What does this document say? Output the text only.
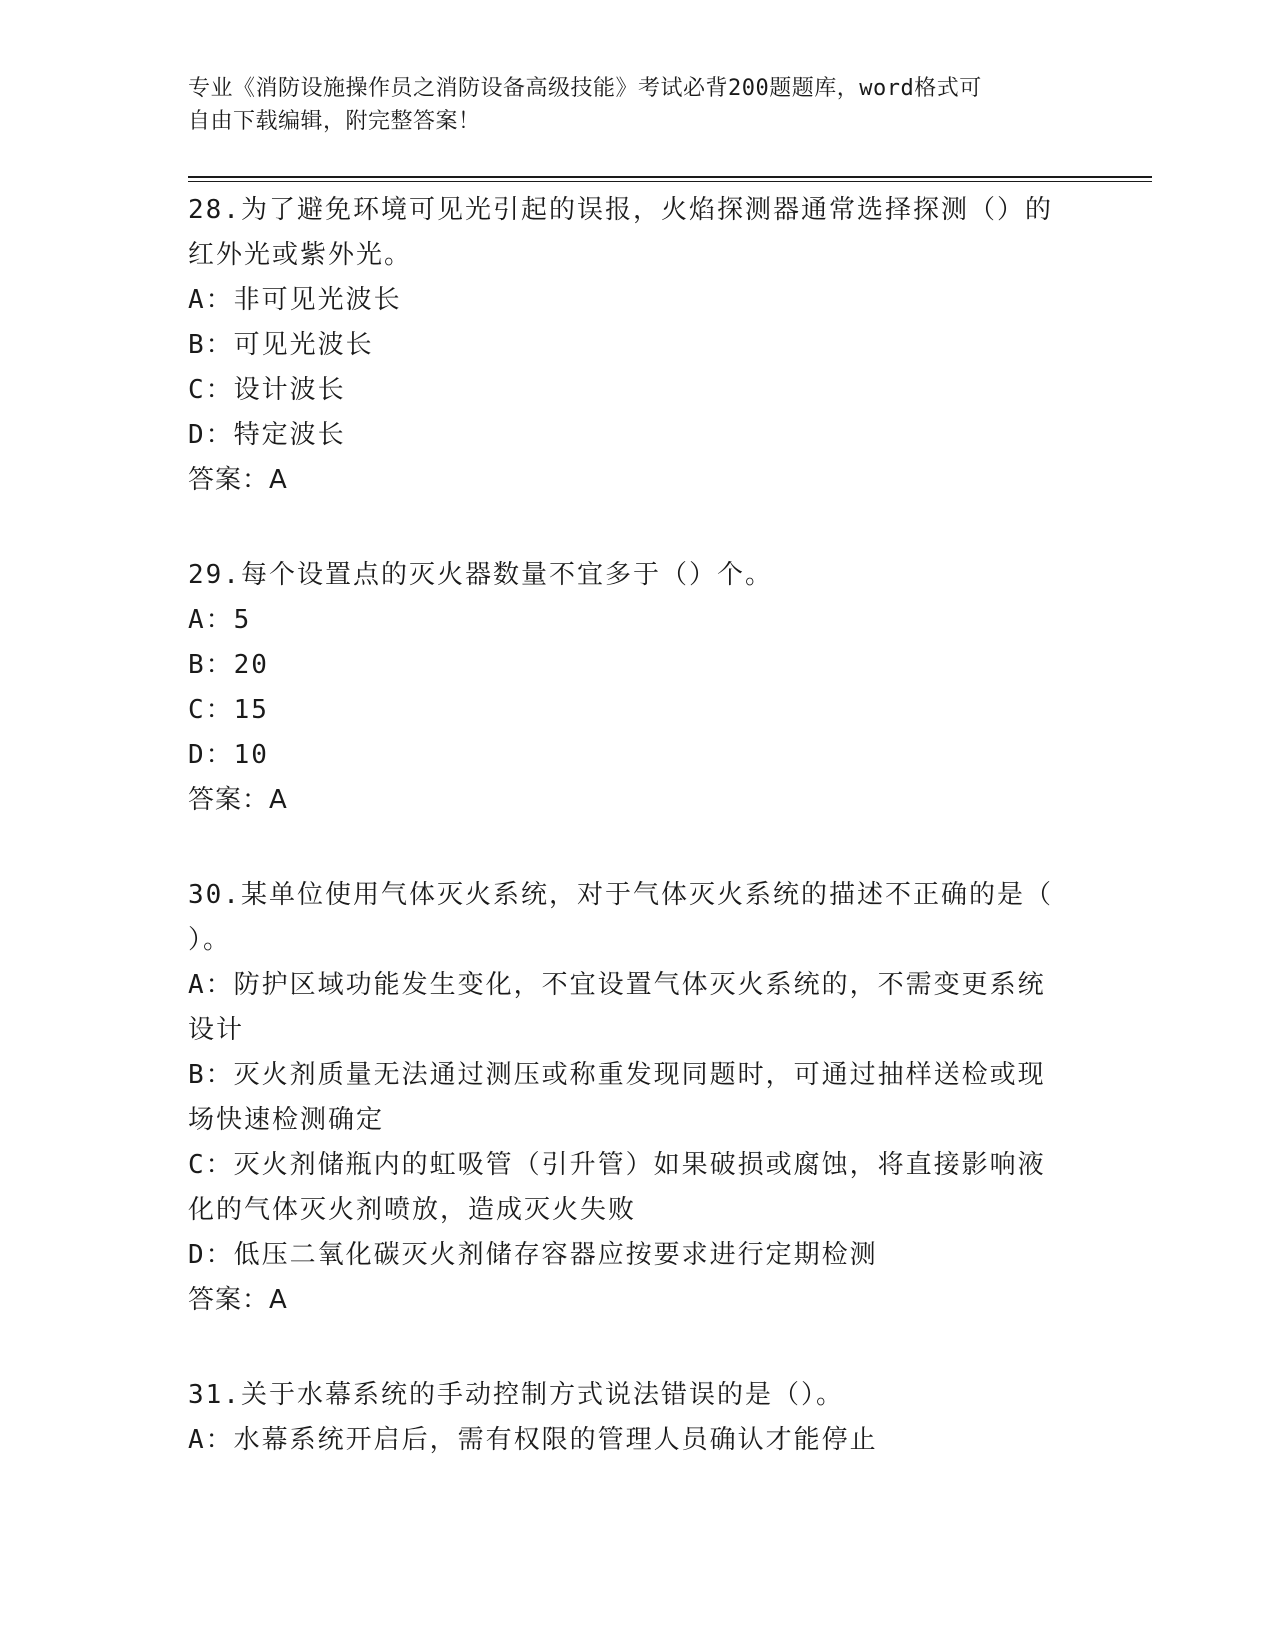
专业《消防设施操作员之消防设备高级技能》考试必背200题题库，word格式可
自由下载编辑，附完整答案！
28.为了避免环境可见光引起的误报，火焰探测器通常选择探测（）的
红外光或紫外光。
A：非可见光波长
B：可见光波长
C：设计波长
D：特定波长
答案：A
29.每个设置点的灭火器数量不宜多于（）个。
A：5
B：20
C：15
D：10
答案：A
30.某单位使用气体灭火系统，对于气体灭火系统的描述不正确的是（
）。
A：防护区域功能发生变化，不宜设置气体灭火系统的，不需变更系统
设计
B：灭火剂质量无法通过测压或称重发现同题时，可通过抽样送检或现
场快速检测确定
C：灭火剂储瓶内的虹吸管（引升管）如果破损或腐蚀，将直接影响液
化的气体灭火剂喷放，造成灭火失败
D：低压二氧化碳灭火剂储存容器应按要求进行定期检测
答案：A
31.关于水幕系统的手动控制方式说法错误的是（）。
A：水幕系统开启后，需有权限的管理人员确认才能停止
